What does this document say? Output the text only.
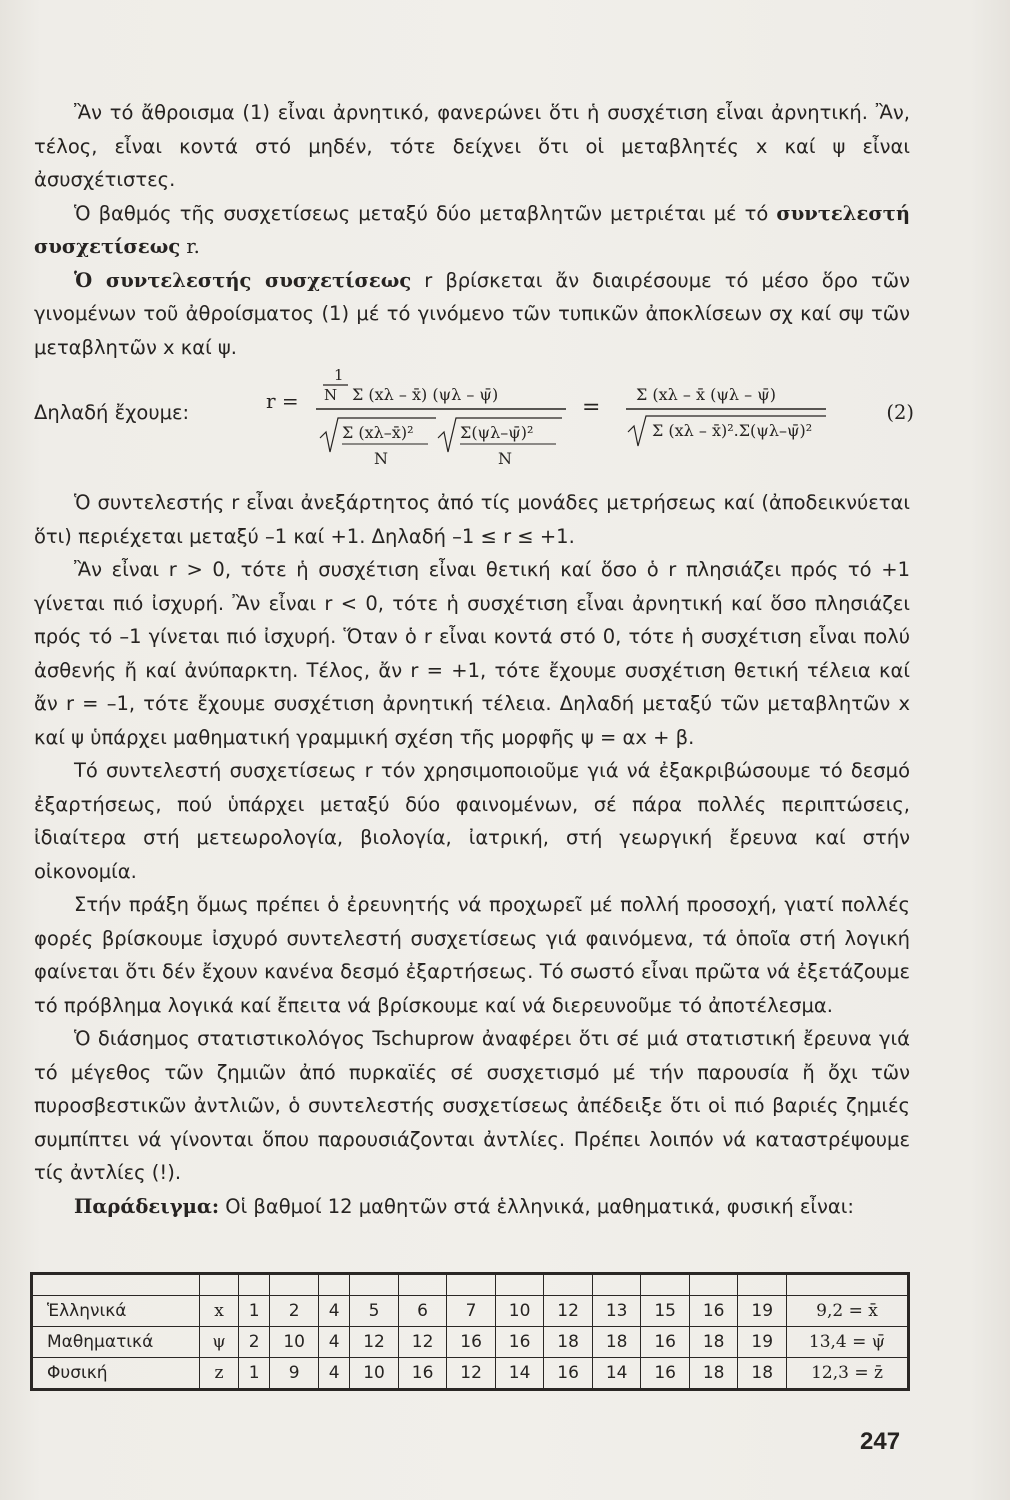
Ἂν τό ἄθροισμα (1) εἶναι ἀρνητικό, φανερώνει ὅτι ἡ συσχέτιση εἶναι ἀρνητική. Ἂν, τέλος, εἶναι κοντά στό μηδέν, τότε δείχνει ὅτι οἱ μεταβλητές x καί ψ εἶναι ἀσυσχέτιστες.

Ὁ βαθμός τῆς συσχετίσεως μεταξύ δύο μεταβλητῶν μετριέται μέ τό συντελεστή συσχετίσεως r.

Ὁ συντελεστής συσχετίσεως r βρίσκεται ἄν διαιρέσουμε τό μέσο ὅρο τῶν γινομένων τοῦ ἀθροίσματος (1) μέ τό γινόμενο τῶν τυπικῶν ἀποκλίσεων σχ καί σψ τῶν μεταβλητῶν x καί ψ.

Δηλαδή ἔχουμε:	r =
1
N Σ (xλ – x̄) (ψλ – ψ̄)
Σ (xλ–x̄)²
N
Σ(ψλ–ψ̄)²
N
=
Σ (xλ – x̄ (ψλ – ψ̄)
Σ (xλ – x̄)².Σ(ψλ–ψ̄)²
(2)

Ὁ συντελεστής r εἶναι ἀνεξάρτητος ἀπό τίς μονάδες μετρήσεως καί (ἀποδεικνύεται ὅτι) περιέχεται μεταξύ –1 καί +1. Δηλαδή –1 ≤ r ≤ +1.

Ἂν εἶναι r > 0, τότε ἡ συσχέτιση εἶναι θετική καί ὅσο ὁ r πλησιάζει πρός τό +1 γίνεται πιό ἰσχυρή. Ἂν εἶναι r < 0, τότε ἡ συσχέτιση εἶναι ἀρνητική καί ὅσο πλησιάζει πρός τό –1 γίνεται πιό ἰσχυρή. Ὅταν ὁ r εἶναι κοντά στό 0, τότε ἡ συσχέτιση εἶναι πολύ ἀσθενής ἤ καί ἀνύπαρκτη. Τέλος, ἄν r = +1, τότε ἔχουμε συσχέτιση θετική τέλεια καί ἄν r = –1, τότε ἔχουμε συσχέτιση ἀρνητική τέλεια. Δηλαδή μεταξύ τῶν μεταβλητῶν x καί ψ ὑπάρχει μαθηματική γραμμική σχέση τῆς μορφῆς ψ = αx + β.

Τό συντελεστή συσχετίσεως r τόν χρησιμοποιοῦμε γιά νά ἐξακριβώσουμε τό δεσμό ἐξαρτήσεως, πού ὑπάρχει μεταξύ δύο φαινομένων, σέ πάρα πολλές περιπτώσεις, ἰδιαίτερα στή μετεωρολογία, βιολογία, ἰατρική, στή γεωργική ἔρευνα καί στήν οἰκονομία.

Στήν πράξη ὅμως πρέπει ὁ ἐρευνητής νά προχωρεῖ μέ πολλή προσοχή, γιατί πολλές φορές βρίσκουμε ἰσχυρό συντελεστή συσχετίσεως γιά φαινόμενα, τά ὁποῖα στή λογική φαίνεται ὅτι δέν ἔχουν κανένα δεσμό ἐξαρτήσεως. Τό σωστό εἶναι πρῶτα νά ἐξετάζουμε τό πρόβλημα λογικά καί ἔπειτα νά βρίσκουμε καί νά διερευνοῦμε τό ἀποτέλεσμα.

Ὁ διάσημος στατιστικολόγος Tschuprow ἀναφέρει ὅτι σέ μιά στατιστική ἔρευνα γιά τό μέγεθος τῶν ζημιῶν ἀπό πυρκαϊές σέ συσχετισμό μέ τήν παρουσία ἤ ὄχι τῶν πυροσβεστικῶν ἀντλιῶν, ὁ συντελεστής συσχετίσεως ἀπέδειξε ὅτι οἱ πιό βαριές ζημιές συμπίπτει νά γίνονται ὅπου παρουσιάζονται ἀντλίες. Πρέπει λοιπόν νά καταστρέψουμε τίς ἀντλίες (!).

Παράδειγμα: Οἱ βαθμοί 12 μαθητῶν στά ἑλληνικά, μαθηματικά, φυσική εἶναι:

Ἑλληνικά	x	1	2	4	5	6	7	10	12	13	15	16	19	9,2 = x̄
Μαθηματικά	ψ	2	10	4	12	12	16	16	18	18	16	18	19	13,4 = ψ̄
Φυσική	z	1	9	4	10	16	12	14	16	14	16	18	18	12,3 = z̄
247
